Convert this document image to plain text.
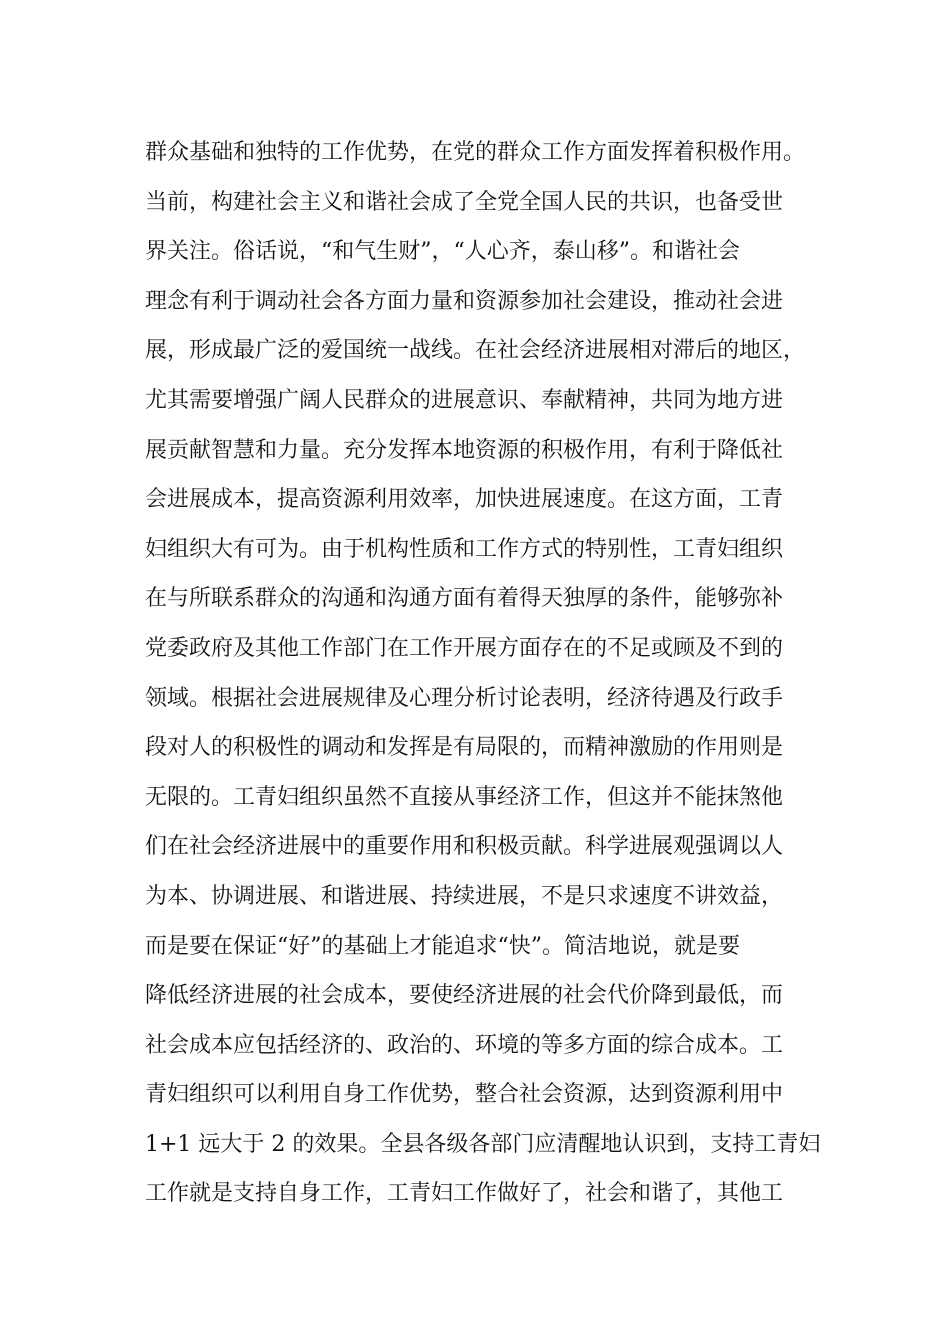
群众基础和独特的工作优势，在党的群众工作方面发挥着积极作用。
当前，构建社会主义和谐社会成了全党全国人民的共识，也备受世
界关注。俗话说，“和气生财”，“人心齐，泰山移”。和谐社会
理念有利于调动社会各方面力量和资源参加社会建设，推动社会进
展，形成最广泛的爱国统一战线。在社会经济进展相对滞后的地区，
尤其需要增强广阔人民群众的进展意识、奉献精神，共同为地方进
展贡献智慧和力量。充分发挥本地资源的积极作用，有利于降低社
会进展成本，提高资源利用效率，加快进展速度。在这方面，工青
妇组织大有可为。由于机构性质和工作方式的特别性，工青妇组织
在与所联系群众的沟通和沟通方面有着得天独厚的条件，能够弥补
党委政府及其他工作部门在工作开展方面存在的不足或顾及不到的
领域。根据社会进展规律及心理分析讨论表明，经济待遇及行政手
段对人的积极性的调动和发挥是有局限的，而精神激励的作用则是
无限的。工青妇组织虽然不直接从事经济工作，但这并不能抹煞他
们在社会经济进展中的重要作用和积极贡献。科学进展观强调以人
为本、协调进展、和谐进展、持续进展，不是只求速度不讲效益，
而是要在保证“好”的基础上才能追求“快”。简洁地说，就是要
降低经济进展的社会成本，要使经济进展的社会代价降到最低，而
社会成本应包括经济的、政治的、环境的等多方面的综合成本。工
青妇组织可以利用自身工作优势，整合社会资源，达到资源利用中
1+1 远大于 2 的效果。全县各级各部门应清醒地认识到，支持工青妇
工作就是支持自身工作，工青妇工作做好了，社会和谐了，其他工
